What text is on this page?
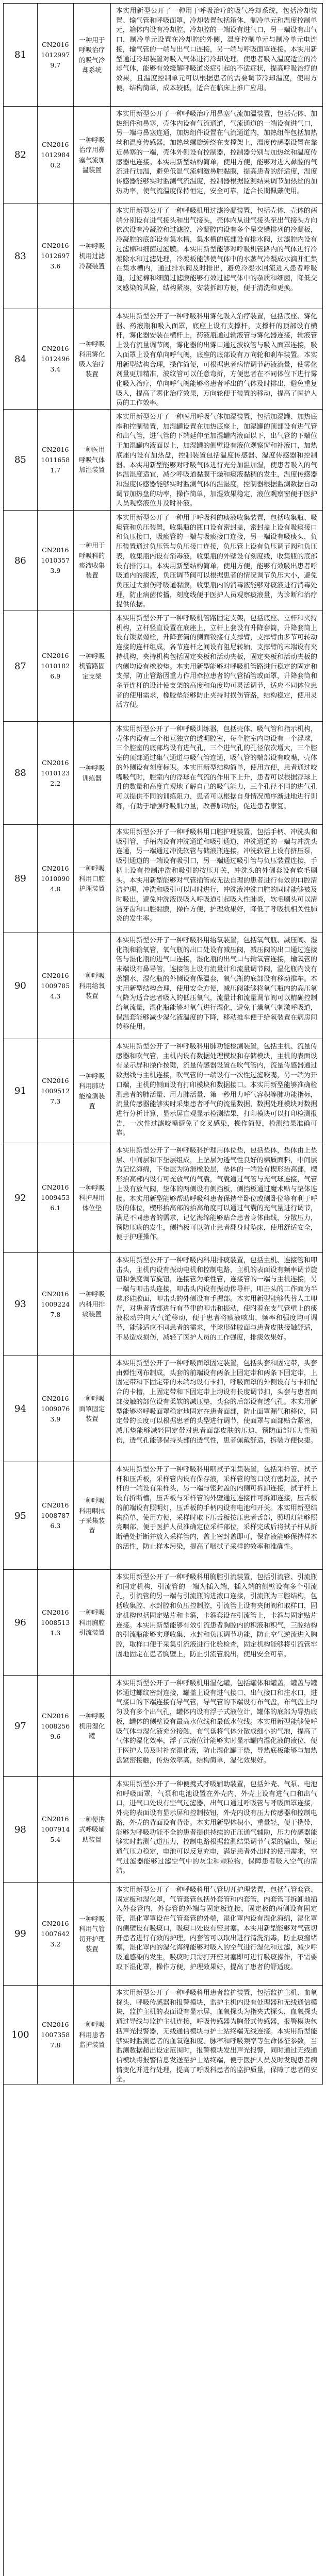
81
CN201610129979.7
一种用于呼吸治疗的吸气冷却系统
本实用新型公开了一种用于呼吸治疗的吸气冷却系统，包括冷却装置、输气管和呼吸面罩，冷却装置包括箱体、制冷单元和温度控制单元，箱体内设有冷却腔，冷却腔的一端设有进气口，另一端设有出气口，制冷单元设置在冷却腔的外侧，温度控制单元与制冷单元电连接，输气管的一端与出气口连接，另一端与呼吸面罩连接。本实用新型通过冷却装置对吸入气体进行冷却处理，使患者吸入温度适宜的冷却气体，能够有效缓解呼吸道炎症引起的不适症状，提高呼吸治疗的效果，且温度控制单元可以根据患者的需要调节冷却温度，使用方便，结构简单，成本较低，适合在临床上推广应用。
82
CN201610129840.2
一种呼吸治疗用鼻塞气流加温装置
本实用新型公开了一种呼吸治疗用鼻塞气流加温装置，包括壳体、加热组件和鼻塞，壳体内设有气流通道，气流通道的一端设有进气口，另一端与鼻塞连通，加热组件设置在气流通道内，加热组件包括加热丝和温度传感器，加热丝螺旋缠绕在支撑架上，温度传感器设置在靠近鼻塞的一端，壳体外侧设有控制器，控制器分别与加热丝和温度传感器电连接。本实用新型结构简单，使用方便，能够对进入鼻腔的气流进行加温，避免低温气流刺激鼻腔黏膜，提高患者的舒适度，温度传感器能够实时监测气流温度，控制器根据监测结果调节加热丝的加热功率，使气流温度保持恒定，安全可靠，适合长期佩戴使用。
83
CN201610126973.6
一种呼吸机用过滤冷凝装置
本实用新型公开了一种呼吸机用过滤冷凝装置，包括壳体，壳体的两端分别设有进气接头和出气接头，壳体内从进气接头至出气接头方向依次设有冷凝腔和过滤腔，冷凝腔内设有多个呈交错排列的冷凝板，冷凝腔的底部设有集水槽，集水槽的底部设有排水阀，过滤腔内设有过滤棉和细菌过滤膜。本实用新型能够对呼吸机管路内的气体进行冷凝除水和过滤处理，冷凝板能够使气体中的水蒸气冷凝成水滴并汇集在集水槽内，通过排水阀及时排出，避免冷凝水回流进入患者呼吸道，过滤棉和细菌过滤膜能够有效过滤气体中的杂质和细菌，降低交叉感染的风险，结构紧凑，安装拆卸方便，便于清洗和更换。
84
CN201610124963.4
一种呼吸科用雾化吸入治疗装置
本实用新型公开了一种呼吸科用雾化吸入治疗装置，包括底座、雾化器、药液瓶和吸入面罩，底座上设有支撑杆，支撑杆的顶部设有横杆，雾化器安装在横杆上，药液瓶通过输液管与雾化器连接，输液管上设有流量调节阀，雾化器的出雾口通过波纹管与吸入面罩连接，吸入面罩上设有单向呼气阀，底座的底部设有万向轮和刹车装置。本实用新型结构合理，操作简便，可根据患者病情调节药液流量，使雾化剂量更加精准，波纹管可以任意弯折，方便患者在不同体位下进行雾化吸入治疗，单向呼气阀能够将患者呼出的气体及时排出，避免重复吸入，提高了雾化治疗效果，万向轮便于装置的移动，提高了医护人员的工作效率。
85
CN201610116581.7
一种医用呼吸气体加湿装置
本实用新型公开了一种医用呼吸气体加湿装置，包括加湿罐、加热底座和控制装置，加湿罐设置在加热底座上，加湿罐的顶部设有进气管和出气管，进气管的下端延伸至加湿罐内液面以下，出气管的下端位于加湿罐内液面以上，加湿罐的侧壁设有液位观察窗和补液口，加热底座内设有加热盘，控制装置包括温度传感器、湿度传感器和控制器。本实用新型能够对呼吸气体进行充分加温加湿，使患者吸入的气体温湿度适宜，减少呼吸道黏膜干燥和痰液黏稠的发生，温度传感器和湿度传感器能够实时监测气体的温湿度，控制器根据监测数据自动调节加热盘的功率，操作简单，加湿效果稳定，液位观察窗便于医护人员观察液位并及时补液。
86
CN201610103573.9
一种用于呼吸科的痰液收集装置
本实用新型公开了一种用于呼吸科的痰液收集装置，包括收集瓶、吸痰管和负压装置，收集瓶的瓶口设有密封盖，密封盖上设有吸痰接口和负压接口，吸痰管的一端与吸痰接口连接，另一端设有吸痰头，负压装置通过负压管与负压接口连接，负压管上设有负压调节阀和负压表，收集瓶内设有消毒液，收集瓶的外壁设有刻度线，收集瓶的底部设有排污口。本实用新型结构简单，使用方便，能够有效吸出患者呼吸道内的痰液，负压调节阀可以根据患者的情况调节负压大小，避免负压过大损伤呼吸道黏膜，收集瓶内的消毒液能够对痰液进行消毒处理，防止病菌传播，刻度线便于医护人员观察痰液量，为诊断和治疗提供依据。
87
CN201610101826.9
一种呼吸机管路固定支架
本实用新型公开了一种呼吸机管路固定支架，包括底座、立杆和夹持机构，立杆竖直设置在底座上，立杆上套设有升降套筒，升降套筒上设有锁紧螺栓，升降套筒的侧面铰接有支撑臂，支撑臂由多节可转动连接的连杆组成，各节连杆之间设有阻尼转轴，支撑臂的末端设有夹持机构，夹持机构包括固定夹板和活动夹板，固定夹板和活动夹板的内侧均设有橡胶垫。本实用新型能够对呼吸机管路进行稳定的固定和支撑，防止管路因重力作用牵拉患者的气管插管或面罩，升降套筒和多节连杆的设计使支架的高度和角度均可灵活调节，适应不同体位患者的使用需求，橡胶垫能够防止夹持时损伤管路，结构稳定，使用灵活方便。
88
CN201610101232.2
一种呼吸训练器
本实用新型公开了一种呼吸训练器，包括壳体、吸气管和指示机构，壳体内设有三个相互独立的透明腔室，每个腔室内均设有一个浮球，三个腔室的底部均设有进气孔，三个进气孔的孔径依次增大，三个腔室的顶部通过集气通道与吸气管连通，吸气管的端部设有咬嘴，壳体的外侧设有刻度标识。本实用新型结构简单，使用方便，患者通过咬嘴吸气时，腔室内的浮球在气流的作用下上升，患者可以根据浮球上升的数量和高度直观地了解自己的吸气能力，三个孔径不同的进气孔可以提供不同的训练阻力，患者可以根据自身情况循序渐进地进行训练，有助于增强呼吸肌力量，改善肺功能，促进患者康复。
89
CN201610100904.8
一种呼吸科用口腔护理装置
本实用新型公开了一种呼吸科用口腔护理装置，包括手柄、冲洗头和吸引管，手柄内设有冲洗通道和吸引通道，冲洗通道的一端与冲洗头连通，另一端通过冲洗软管与储液瓶连接，冲洗软管上设有挤压泵，吸引通道的一端设有吸引口，另一端通过吸引管与负压装置连接，手柄上设有控制冲洗和吸引的按压开关，冲洗头的外侧套设有软毛刷头。本实用新型能够对气管插管或无法自理的患者进行有效的口腔清洁护理，冲洗和吸引可以同时进行，冲洗液冲洗口腔的同时能够被及时吸出，避免冲洗液误吸入呼吸道引起吸入性肺炎，软毛刷头可以清洁牙齿和口腔黏膜，操作方便，护理效果好，降低了呼吸机相关性肺炎的发生率。
90
CN201610097854.3
一种呼吸科用给氧装置
本实用新型公开了一种呼吸科用给氧装置，包括氧气瓶、减压阀、湿化瓶和输氧管，氧气瓶的出口处设有减压阀，减压阀的出口通过连接管与湿化瓶的进气口连接，湿化瓶的出气口与输氧管连接，输氧管的末端设有鼻导管，连接管上设有流量计和流量调节阀，湿化瓶内设有蒸馏水，湿化瓶的外侧设有保温套，氧气瓶的底部设有移动推车。本实用新型结构合理，使用安全方便，减压阀能够将氧气瓶内的高压氧气降为适合患者吸入的低压氧气，流量计和流量调节阀可以精确控制给氧流量，湿化瓶能够对氧气进行湿化，避免干燥氧气刺激呼吸道，保温套能够减少湿化液温度的下降，移动推车便于给氧装置在病房间转移使用。
91
CN201610095127.3
一种呼吸科用肺功能检测装置
本实用新型公开了一种呼吸科用肺功能检测装置，包括主机、流量传感器和吹气管，主机内设有数据处理模块和存储模块，主机的表面设有显示屏和操作按键，流量传感器设置在吹气管内，流量传感器通过数据线与主机连接，吹气管的一端设有一次性过滤咬嘴，另一端为开口端，主机的侧面设有打印模块和数据接口。本实用新型能够准确检测患者的肺活量、用力肺活量、第一秒用力呼气容积等肺功能指标，流量传感器能够实时采集患者呼气的流量数据，数据处理模块对数据进行分析计算，显示屏直观显示检测结果，打印模块可以打印检测报告，一次性过滤咬嘴避免了交叉感染，操作简便，检测结果准确可靠。
92
CN201610094536.1
一种呼吸科护理用体位垫
本实用新型公开了一种呼吸科护理用体位垫，包括垫体，垫体由上垫层、中间层和下垫层组成，上垫层为透气性良好的棉质面料，中间层为记忆海绵，下垫层为防滑橡胶层，垫体的一端设有楔形抬高部，楔形抬高部内设有可充放气的气囊，气囊通过气管与充气球连接，气管上设有放气阀，垫体的两侧设有侧挡板，侧挡板通过魔术贴与垫体连接。本实用新型能够帮助呼吸科患者保持半卧位或侧卧位等有利于呼吸的体位，楔形抬高部的抬高角度可以通过气囊的充气量进行调节，满足不同患者的需求，记忆海绵能够贴合患者身体曲线，分散压力，预防压疮的发生，侧挡板可以防止患者翻身时坠床，使用舒适安全，便于护理操作。
93
CN201610092247.8
一种呼吸内科用排痰装置
本实用新型公开了一种呼吸内科用排痰装置，包括主机、连接管和叩击头，主机内设有振动电机和控制电路，主机的表面设有频率调节旋钮和强度调节旋钮，连接管为柔性管，连接管的一端与主机连接，另一端与叩击头连接，叩击头内设有振动传导杆，叩击头的工作面为半球形硅胶面，叩击头的外侧设有手握部。本实用新型能够代替人工叩背，对患者背部进行有节律的叩击和振动，使附着在支气管壁上的痰液松动并向大气道移动，便于患者将痰液咳出，频率和强度均可调节，能够适应不同患者的需求，半球形硅胶面与患者皮肤接触舒适，不易造成损伤，减轻了医护人员的工作强度，排痰效果好。
94
CN201610090763.9
一种呼吸面罩固定装置
本实用新型公开了一种呼吸面罩固定装置，包括头套和固定带，头套由弹性网布制成，头套的前端设有两条上固定带和两条下固定带，上固定带和下固定带的末端均设有卡扣，呼吸面罩的外侧设有与卡扣配合的卡槽，上固定带和下固定带上均设有长度调节扣，头套与患者面部接触的部位设有柔软的减压垫，头套的后部设有透气孔。本实用新型能够将呼吸面罩稳定地固定在患者面部，防止面罩漏气和移位，固定带的长度可以根据患者的头型进行调节，使面罩与面部贴合紧密，减压垫能够减轻固定带对患者面部皮肤的压迫，预防面部压力性损伤，透气孔能够保持头部的透气性，患者佩戴舒适，拆装方便快捷。
95
CN201610087876.3
一种呼吸科用咽拭子采集装置
本实用新型公开了一种呼吸科用咽拭子采集装置，包括采样管、拭子杆和压舌板，采样管内设有保存液，采样管的管口设有密封盖，拭子杆的一端设有采样头，另一端与密封盖的内侧可拆卸连接，拭子杆上设有折断槽，压舌板与采样管的外壁通过连接件可拆卸连接，压舌板的前端设有照明灯，压舌板的手柄内设有电池和开关。本实用新型结构简单，使用方便，采样时取下压舌板按压患者舌部，照明灯能够照亮咽部，便于医护人员准确定位采样部位，采样完成后将拭子杆从折断槽处折断并放入采样管内，盖上密封盖即可，保存液能够保持样本的活性，防止样本污染，提高了咽拭子采样的效率和准确性。
96
CN201610085131.3
一种呼吸科用胸腔引流装置
本实用新型公开了一种呼吸科用胸腔引流装置，包括引流管、引流瓶和固定机构，引流管的一端为插入端，插入端的侧壁设有多个引流孔，引流管的另一端与引流瓶的进液口连接，引流瓶为三腔结构，包括收集腔、水封腔和负压控制腔，引流管上设有夹闭阀和取样口，固定机构包括固定贴片和卡箍，卡箍套设在引流管上，卡箍与固定贴片连接。本实用新型能够有效引流患者胸腔内的积液和积气，三腔结构的引流瓶能够实现收集、水封和负压调节功能，防止空气逆流进入胸腔，取样口便于采集引流液进行化验检查，固定机构能够将引流管牢固地固定在患者胸壁上，防止引流管脱出，使用安全可靠。
97
CN201610082569.6
一种呼吸机用湿化罐
本实用新型公开了一种呼吸机用湿化罐，包括罐体和罐盖，罐盖与罐体通过螺纹密封连接，罐盖上设有进气接口、出气接口和注水口，进气接口的下端连接有导气管，导气管的下端设有布气盘，布气盘上均匀设有多个出气孔，罐体内设有浮子式液位计，罐体的底部为导热底板，罐体的侧壁设有最高水位线和最低水位线。本实用新型能够使呼吸气体与湿化液充分接触，布气盘将气体分散成细小的气泡，提高了气体的湿化效率，浮子式液位计能够实时显示罐内湿化液的液位，便于医护人员及时补充湿化液，防止湿化罐干烧，导热底板能够与加热盘紧密接触，传热效率高，结构简单，湿化效果好。
98
CN201610079145.4
一种便携式呼吸辅助装置
本实用新型公开了一种便携式呼吸辅助装置，包括外壳、气泵、电池和呼吸面罩，气泵和电池设置在外壳内，外壳上设有进气口和出气口，进气口处设有空气过滤器，出气口通过呼吸管与呼吸面罩连接，外壳的表面设有显示屏和控制按钮，外壳内设有压力传感器和控制电路，外壳的背面设有背带。本实用新型体积小，重量轻，便于携带，能够为呼吸功能不全的患者提供持续的正压通气辅助，压力传感器能够实时监测气道压力，控制电路根据监测结果调节气泵的输出，保证通气压力稳定，电池可以反复充电，满足患者外出时的使用需求，空气过滤器能够过滤空气中的灰尘和颗粒物，保障患者吸入空气的清洁。
99
CN201610076423.2
一种呼吸科用气管切开护理装置
本实用新型公开了一种呼吸科用气管切开护理装置，包括气管套管、固定板和湿化罩，气管套管包括外套管和内套管，内套管可拆卸地插入外套管内，外套管的外端与固定板连接，固定板的两侧设有固定带，湿化罩罩设在气管套管的外端，湿化罩内设有湿化海绵，湿化罩的侧壁设有吸痰口，吸痰口处设有密封塞。本实用新型能够对气管切开患者进行有效的护理，内套管可以取出进行清洗消毒，防止痰痂堵塞，湿化罩内的湿化海绵能够对吸入的空气进行湿化和过滤，减少呼吸道感染的发生，吸痰时只需打开密封塞即可进行吸痰操作，不需要取下湿化罩，操作方便，护理效果好，提高了患者的舒适度。
100
CN201610073587.8
一种呼吸科用患者监护装置
本实用新型公开了一种呼吸科用患者监护装置，包括监护主机、血氧探头、呼吸传感器和报警模块，监护主机内设有处理器和无线通信模块，监护主机的表面设有显示屏，血氧探头为指夹式探头，血氧探头通过导线与监护主机连接，呼吸传感器为胸带式传感器，报警模块包括声光报警器，无线通信模块与护士站终端无线连接。本实用新型能够实时监测患者的血氧饱和度、脉率和呼吸频率等生命体征参数，当监测数据超出设定范围时，报警模块发出声光报警，同时通过无线通信模块将报警信息发送至护士站终端，便于医护人员及时发现患者病情变化并进行处理，提高了呼吸科患者的监护质量，保障了患者的安全。
